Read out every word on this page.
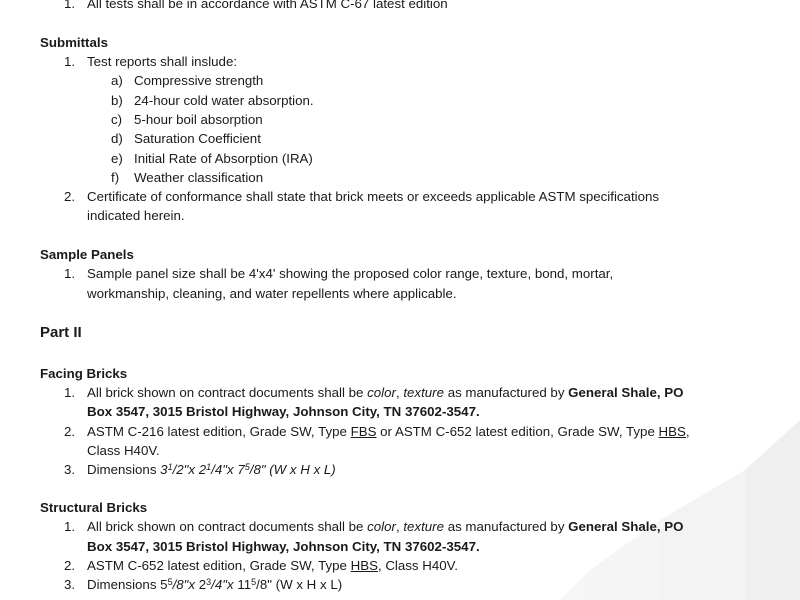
1. All tests shall be in accordance with ASTM C-67 latest edition
Submittals
1. Test reports shall inslude:
a) Compressive strength
b) 24-hour cold water absorption.
c) 5-hour boil absorption
d) Saturation Coefficient
e) Initial Rate of Absorption (IRA)
f) Weather classification
2. Certificate of conformance shall state that brick meets or exceeds applicable ASTM specifications
indicated herein.
Sample Panels
1. Sample panel size shall be 4'x4' showing the proposed color range, texture, bond, mortar,
workmanship, cleaning, and water repellents where applicable.
Part II
Facing Bricks
1. All brick shown on contract documents shall be color, texture as manufactured by General Shale, PO
Box 3547, 3015 Bristol Highway, Johnson City, TN 37602-3547.
2. ASTM C-216 latest edition, Grade SW, Type FBS or ASTM C-652 latest edition, Grade SW, Type HBS,
Class H40V.
3. Dimensions $3^1/2"x$ $2^1/4"x$ $7^5/8$" (W x H x L)
Structural Bricks
1. All brick shown on contract documents shall be color, texture as manufactured by General Shale, PO
Box 3547, 3015 Bristol Highway, Johnson City, TN 37602-3547.
2. ASTM C-652 latest edition, Grade SW, Type HBS, Class H40V.
3. Dimensions $5^5/8"x$ $2^3/4"x$ $11^5/8$" (W x H x L)
